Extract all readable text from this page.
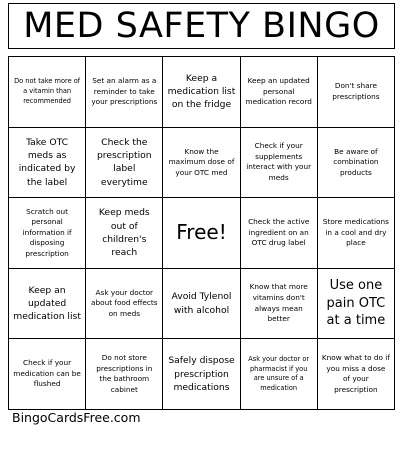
MED SAFETY BINGO
Do not take more of a vitamin than recommended
Set an alarm as a reminder to take your prescriptions
Keep a medication list on the fridge
Keep an updated personal medication record
Don't share prescriptions
Take OTC meds as indicated by the label
Check the prescription label everytime
Know the maximum dose of your OTC med
Check if your supplements interact with your meds
Be aware of combination products
Scratch out personal information if disposing prescription
Keep meds out of children's reach
Free!	Check the active ingredient on an OTC drug label
Store medications in a cool and dry place
Keep an updated medication list
Ask your doctor about food effects on meds
Avoid Tylenol with alcohol
Know that more vitamins don't always mean better
Use one pain OTC at a time
Check if your medication can be flushed
Do not store prescriptions in the bathroom cabinet
Safely dispose prescription medications
Ask your doctor or pharmacist if you are unsure of a medication
Know what to do if you miss a dose of your prescription
BingoCardsFree.com
